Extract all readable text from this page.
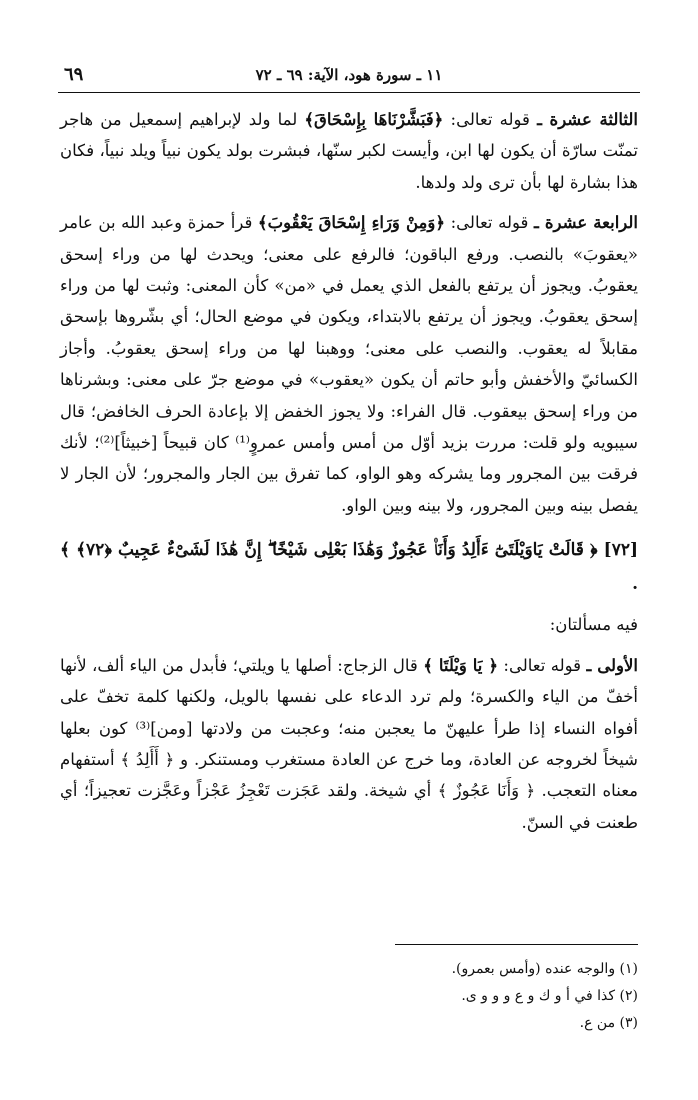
١١ ـ سورة هود، الآية: ٦٩ ـ ٧٢
٦٩

الثالثة عشرة ـ قوله تعالى: ﴿فَبَشَّرْنَاهَا بِإِسْحَاقَ﴾ لما ولد لإبراهيم إسمعيل من هاجر تمنّت سارّة أن يكون لها ابن، وأيست لكبر سنّها، فبشرت بولد يكون نبياً ويلد نبياً، فكان هذا بشارة لها بأن ترى ولد ولدها.

الرابعة عشرة ـ قوله تعالى: ﴿وَمِنْ وَرَاءِ إِسْحَاقَ يَعْقُوبَ﴾ قرأ حمزة وعبد الله بن عامر «يعقوبَ» بالنصب. ورفع الباقون؛ فالرفع على معنى؛ ويحدث لها من وراء إسحق يعقوبُ. ويجوز أن يرتفع بالفعل الذي يعمل في «من» كأن المعنى: وثبت لها من وراء إسحق يعقوبُ. ويجوز أن يرتفع بالابتداء، ويكون في موضع الحال؛ أي بشّروها بإسحق مقابلاً له يعقوب. والنصب على معنى؛ ووهبنا لها من وراء إسحق يعقوبُ. وأجاز الكسائيّ والأخفش وأبو حاتم أن يكون «يعقوب» في موضع جرّ على معنى: وبشرناها من وراء إسحق بيعقوب. قال الفراء: ولا يجوز الخفض إلا بإعادة الحرف الخافض؛ قال سيبويه ولو قلت: مررت بزيد أوّل من أمس وأمس عمروٍ⁽¹⁾ كان قبيحاً [خبيثاً]⁽²⁾؛ لأنك فرقت بين المجرور وما يشركه وهو الواو، كما تفرق بين الجار والمجرور؛ لأن الجار لا يفصل بينه وبين المجرور، ولا بينه وبين الواو.

[٧٢] ﴿ قَالَتْ يَاوَيْلَتَىٰٓ ءَأَلِدُ وَأَنَا۠ عَجُوزٌ وَهَٰذَا بَعْلِى شَيْخًا ۖ إِنَّ هَٰذَا لَشَىْءٌ عَجِيبٌ ﴿٧٢﴾ ﴾ .

فيه مسألتان:

الأولى ـ قوله تعالى: ﴿ يَا وَيْلَتَا ﴾ قال الزجاج: أصلها يا ويلتي؛ فأبدل من الياء ألف، لأنها أخفّ من الياء والكسرة؛ ولم ترد الدعاء على نفسها بالويل، ولكنها كلمة تخفّ على أفواه النساء إذا طرأ عليهنّ ما يعجبن منه؛ وعجبت من ولادتها [ومن]⁽³⁾ كون بعلها شيخاً لخروجه عن العادة، وما خرج عن العادة مستغرب ومستنكر. و ﴿ أَأَلِدُ ﴾ أستفهام معناه التعجب. ﴿ وَأَنَا عَجُوزٌ ﴾ أي شيخة. ولقد عَجَزت تَعْجِزُ عَجْزاً وعَجَّزت تعجيزاً؛ أي طعنت في السنّ.

(١) والوجه عنده (وأمس بعمرو).

(٢) كذا في أ و ك و ع و و و ى.

(٣) من ع.
